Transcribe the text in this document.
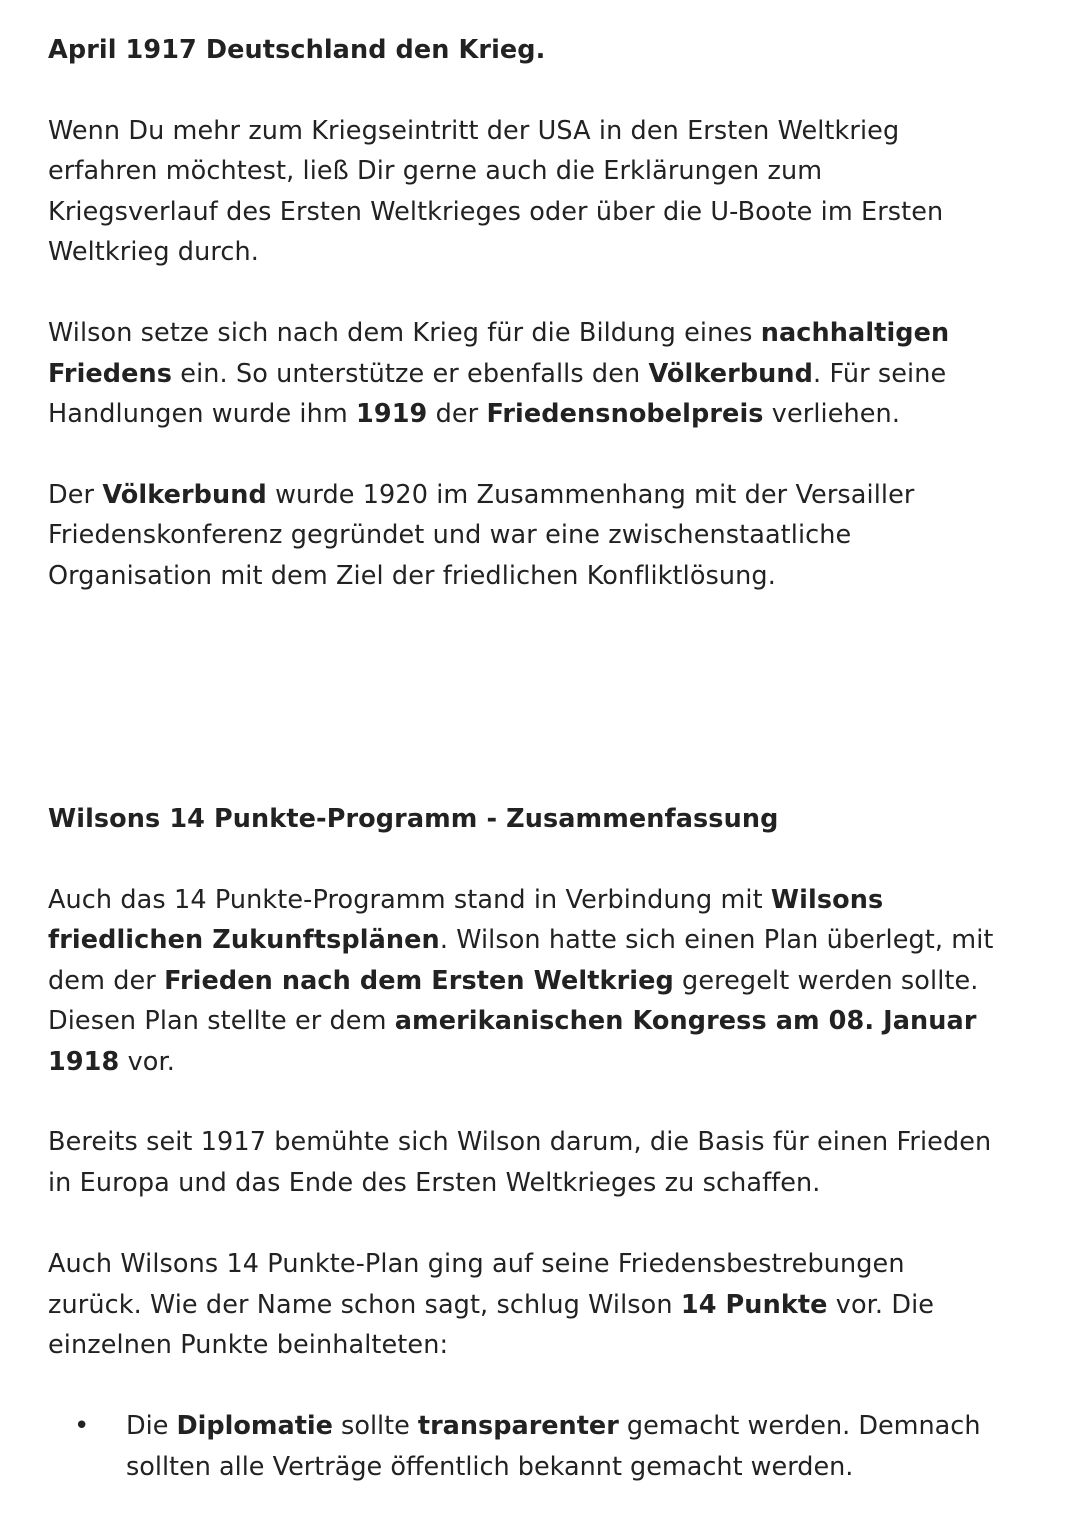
April 1917 Deutschland den Krieg.
Wenn Du mehr zum Kriegseintritt der USA in den Ersten Weltkrieg
erfahren möchtest, ließ Dir gerne auch die Erklärungen zum
Kriegsverlauf des Ersten Weltkrieges oder über die U-Boote im Ersten
Weltkrieg durch.
Wilson setze sich nach dem Krieg für die Bildung eines nachhaltigen
Friedens ein. So unterstütze er ebenfalls den Völkerbund. Für seine
Handlungen wurde ihm 1919 der Friedensnobelpreis verliehen.
Der Völkerbund wurde 1920 im Zusammenhang mit der Versailler
Friedenskonferenz gegründet und war eine zwischenstaatliche
Organisation mit dem Ziel der friedlichen Konfliktlösung.
Wilsons 14 Punkte-Programm - Zusammenfassung
Auch das 14 Punkte-Programm stand in Verbindung mit Wilsons
friedlichen Zukunftsplänen. Wilson hatte sich einen Plan überlegt, mit
dem der Frieden nach dem Ersten Weltkrieg geregelt werden sollte.
Diesen Plan stellte er dem amerikanischen Kongress am 08. Januar
1918 vor.
Bereits seit 1917 bemühte sich Wilson darum, die Basis für einen Frieden
in Europa und das Ende des Ersten Weltkrieges zu schaffen.
Auch Wilsons 14 Punkte-Plan ging auf seine Friedensbestrebungen
zurück. Wie der Name schon sagt, schlug Wilson 14 Punkte vor. Die
einzelnen Punkte beinhalteten:
• Die Diplomatie sollte transparenter gemacht werden. Demnach
sollten alle Verträge öffentlich bekannt gemacht werden.
